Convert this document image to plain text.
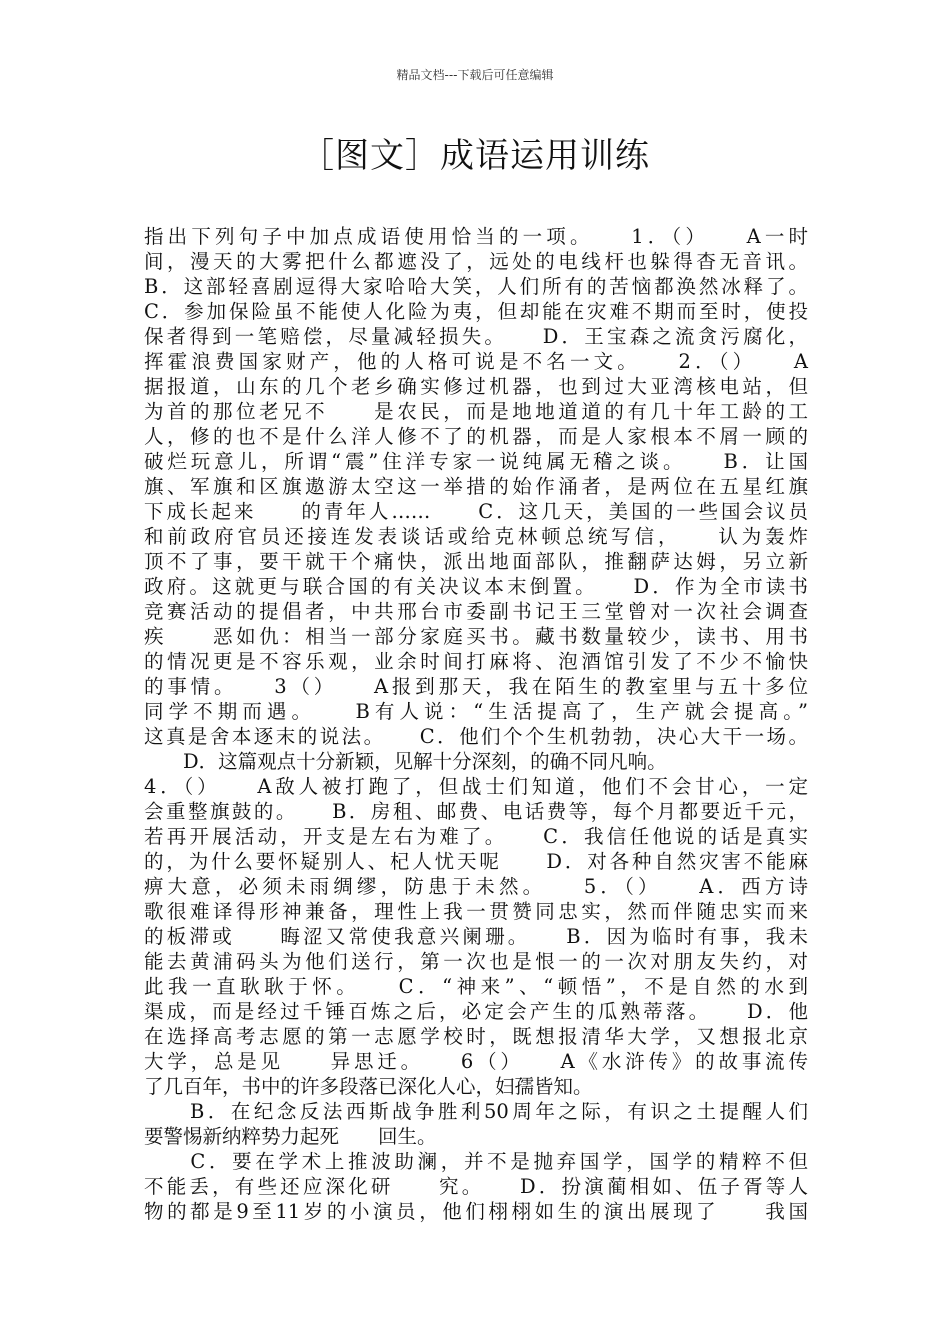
精品文档---下载后可任意编辑
［图文］成语运用训练

指出下列句子中加点成语使用恰当的一项。　　1．（）　　A一时

间，漫天的大雾把什么都遮没了，远处的电线杆也躲得杳无音讯。

B．这部轻喜剧逗得大家哈哈大笑，人们所有的苦恼都涣然冰释了。

C．参加保险虽不能使人化险为夷，但却能在灾难不期而至时，使投

保者得到一笔赔偿，尽量减轻损失。　　D．王宝森之流贪污腐化，

挥霍浪费国家财产，他的人格可说是不名一文。　　2．（）　　A

据报道，山东的几个老乡确实修过机器，也到过大亚湾核电站，但

为首的那位老兄不　　是农民，而是地地道道的有几十年工龄的工

人，修的也不是什么洋人修不了的机器，而是人家根本不屑一顾的

破烂玩意儿，所谓“震”住洋专家一说纯属无稽之谈。　　B．让国

旗、军旗和区旗遨游太空这一举措的始作涌者，是两位在五星红旗

下成长起来　　的青年人……　　C．这几天，美国的一些国会议员

和前政府官员还接连发表谈话或给克林顿总统写信，　　认为轰炸

顶不了事，要干就干个痛快，派出地面部队，推翻萨达姆，另立新

政府。这就更与联合国的有关决议本末倒置。　　D．作为全市读书

竞赛活动的提倡者，中共邢台市委副书记王三堂曾对一次社会调查

疾　　恶如仇：相当一部分家庭买书。藏书数量较少，读书、用书

的情况更是不容乐观，业余时间打麻将、泡酒馆引发了不少不愉快

的事情。　　3（）　　A报到那天，我在陌生的教室里与五十多位

同学不期而遇。　　B有人说：“生活提高了，生产就会提高。”

这真是舍本逐末的说法。　　C．他们个个生机勃勃，决心大干一场。

　　D．这篇观点十分新颖，见解十分深刻，的确不同凡响。

4．（）　　A敌人被打跑了，但战士们知道，他们不会甘心，一定

会重整旗鼓的。　　B．房租、邮费、电话费等，每个月都要近千元，

若再开展活动，开支是左右为难了。　　C．我信任他说的话是真实

的，为什么要怀疑别人、杞人忧天呢　　D．对各种自然灾害不能麻

痹大意，必须未雨绸缪，防患于未然。　　5．（）　　A．西方诗

歌很难译得形神兼备，理性上我一贯赞同忠实，然而伴随忠实而来

的板滞或　　晦涩又常使我意兴阑珊。　　B．因为临时有事，我未

能去黄浦码头为他们送行，第一次也是恨一的一次对朋友失约，对

此我一直耿耿于怀。　　C．“神来”、“顿悟”，不是自然的水到

渠成，而是经过千锤百炼之后，必定会产生的瓜熟蒂落。　　D．他

在选择高考志愿的第一志愿学校时，既想报清华大学，又想报北京

大学，总是见　　异思迁。　　6（）　　A《水浒传》的故事流传

了几百年，书中的许多段落已深化人心，妇孺皆知。

　　B．在纪念反法西斯战争胜利50周年之际，有识之土提醒人们

要警惕新纳粹势力起死　　回生。

　　C．要在学术上推波助澜，并不是抛弃国学，国学的精粹不但

不能丢，有些还应深化研　　究。　　D．扮演蔺相如、伍子胥等人

物的都是9至11岁的小演员，他们栩栩如生的演出展现了　　我国
